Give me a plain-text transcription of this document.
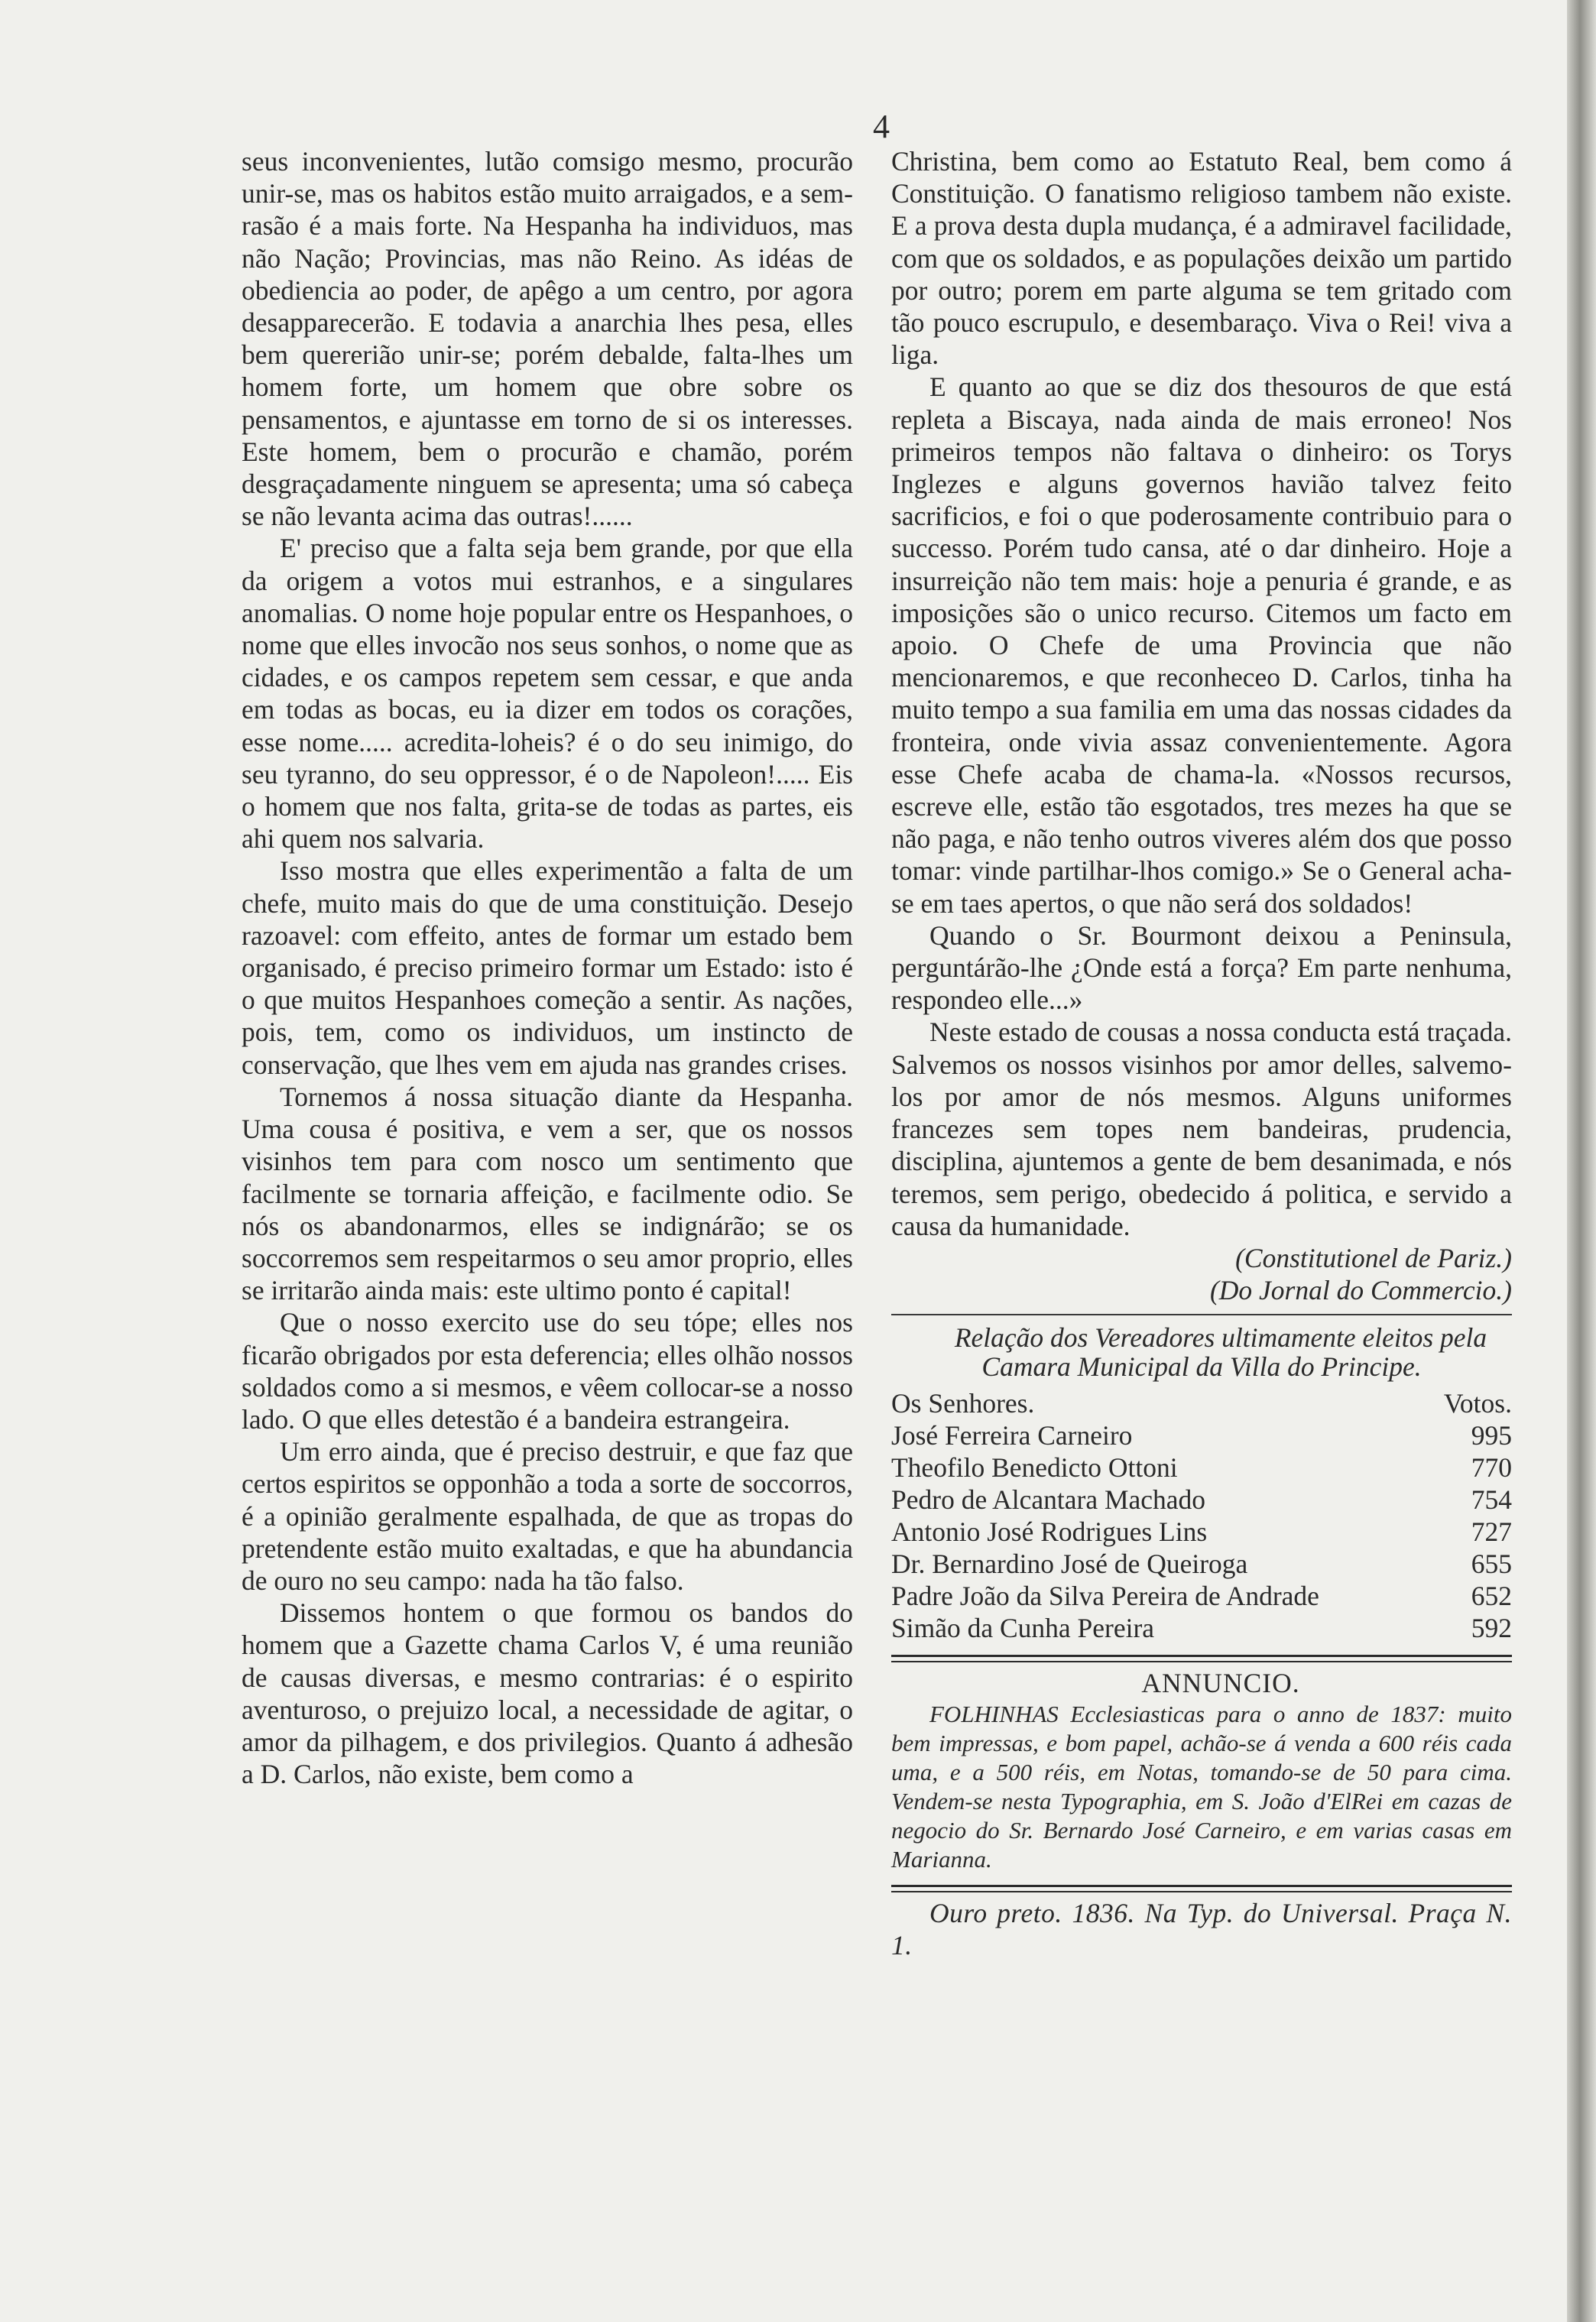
4

seus inconvenientes, lutão comsigo mesmo, procurão unir-se, mas os habitos estão muito arraigados, e a sem-rasão é a mais forte. Na Hespanha ha individuos, mas não Nação; Provincias, mas não Reino. As idéas de obediencia ao poder, de apêgo a um centro, por agora desapparecerão. E todavia a anarchia lhes pesa, elles bem quererião unir-se; porém debalde, falta-lhes um homem forte, um homem que obre sobre os pensamentos, e ajuntasse em torno de si os interesses. Este homem, bem o procurão e chamão, porém desgraçadamente ninguem se apresenta; uma só cabeça se não levanta acima das outras!......

E' preciso que a falta seja bem grande, por que ella da origem a votos mui estranhos, e a singulares anomalias. O nome hoje popular entre os Hespanhoes, o nome que elles invocão nos seus sonhos, o nome que as cidades, e os campos repetem sem cessar, e que anda em todas as bocas, eu ia dizer em todos os corações, esse nome..... acredita-loheis? é o do seu inimigo, do seu tyranno, do seu oppressor, é o de Napoleon!..... Eis o homem que nos falta, grita-se de todas as partes, eis ahi quem nos salvaria.

Isso mostra que elles experimentão a falta de um chefe, muito mais do que de uma constituição. Desejo razoavel: com effeito, antes de formar um estado bem organisado, é preciso primeiro formar um Estado: isto é o que muitos Hespanhoes começão a sentir. As nações, pois, tem, como os individuos, um instincto de conservação, que lhes vem em ajuda nas grandes crises.

Tornemos á nossa situação diante da Hespanha. Uma cousa é positiva, e vem a ser, que os nossos visinhos tem para com nosco um sentimento que facilmente se tornaria affeição, e facilmente odio. Se nós os abandonarmos, elles se indignárão; se os soccorremos sem respeitarmos o seu amor proprio, elles se irritarão ainda mais: este ultimo ponto é capital!

Que o nosso exercito use do seu tópe; elles nos ficarão obrigados por esta deferencia; elles olhão nossos soldados como a si mesmos, e vêem collocar-se a nosso lado. O que elles detestão é a bandeira estrangeira.

Um erro ainda, que é preciso destruir, e que faz que certos espiritos se opponhão a toda a sorte de soccorros, é a opinião geralmente espalhada, de que as tropas do pretendente estão muito exaltadas, e que ha abundancia de ouro no seu campo: nada ha tão falso.

Dissemos hontem o que formou os bandos do homem que a Gazette chama Carlos V, é uma reunião de causas diversas, e mesmo contrarias: é o espirito aventuroso, o prejuizo local, a necessidade de agitar, o amor da pilhagem, e dos privilegios. Quanto á adhesão a D. Carlos, não existe, bem como a

Christina, bem como ao Estatuto Real, bem como á Constituição. O fanatismo religioso tambem não existe. E a prova desta dupla mudança, é a admiravel facilidade, com que os soldados, e as populações deixão um partido por outro; porem em parte alguma se tem gritado com tão pouco escrupulo, e desembaraço. Viva o Rei! viva a liga.

E quanto ao que se diz dos thesouros de que está repleta a Biscaya, nada ainda de mais erroneo! Nos primeiros tempos não faltava o dinheiro: os Torys Inglezes e alguns governos havião talvez feito sacrificios, e foi o que poderosamente contribuio para o successo. Porém tudo cansa, até o dar dinheiro. Hoje a insurreição não tem mais: hoje a penuria é grande, e as imposições são o unico recurso. Citemos um facto em apoio. O Chefe de uma Provincia que não mencionaremos, e que reconheceo D. Carlos, tinha ha muito tempo a sua familia em uma das nossas cidades da fronteira, onde vivia assaz convenientemente. Agora esse Chefe acaba de chama-la. «Nossos recursos, escreve elle, estão tão esgotados, tres mezes ha que se não paga, e não tenho outros viveres além dos que posso tomar: vinde partilhar-lhos comigo.» Se o General acha-se em taes apertos, o que não será dos soldados!

Quando o Sr. Bourmont deixou a Peninsula, perguntárão-lhe ¿Onde está a força? Em parte nenhuma, respondeo elle...»

Neste estado de cousas a nossa conducta está traçada. Salvemos os nossos visinhos por amor delles, salvemo-los por amor de nós mesmos. Alguns uniformes francezes sem topes nem bandeiras, prudencia, disciplina, ajuntemos a gente de bem desanimada, e nós teremos, sem perigo, obedecido á politica, e servido a causa da humanidade.

(Constitutionel de Pariz.)

(Do Jornal do Commercio.)

Relação dos Vereadores ultimamente eleitos pela Camara Municipal da Villa do Principe.

Os Senhores.	Votos.
José Ferreira Carneiro	995
Theofilo Benedicto Ottoni	770
Pedro de Alcantara Machado	754
Antonio José Rodrigues Lins	727
Dr. Bernardino José de Queiroga	655
Padre João da Silva Pereira de Andrade	652
Simão da Cunha Pereira	592

ANNUNCIO.

FOLHINHAS Ecclesiasticas para o anno de 1837: muito bem impressas, e bom papel, achão-se á venda a 600 réis cada uma, e a 500 réis, em Notas, tomando-se de 50 para cima. Vendem-se nesta Typographia, em S. João d'ElRei em cazas de negocio do Sr. Bernardo José Carneiro, e em varias casas em Marianna.

Ouro preto. 1836. Na Typ. do Universal. Praça N. 1.
